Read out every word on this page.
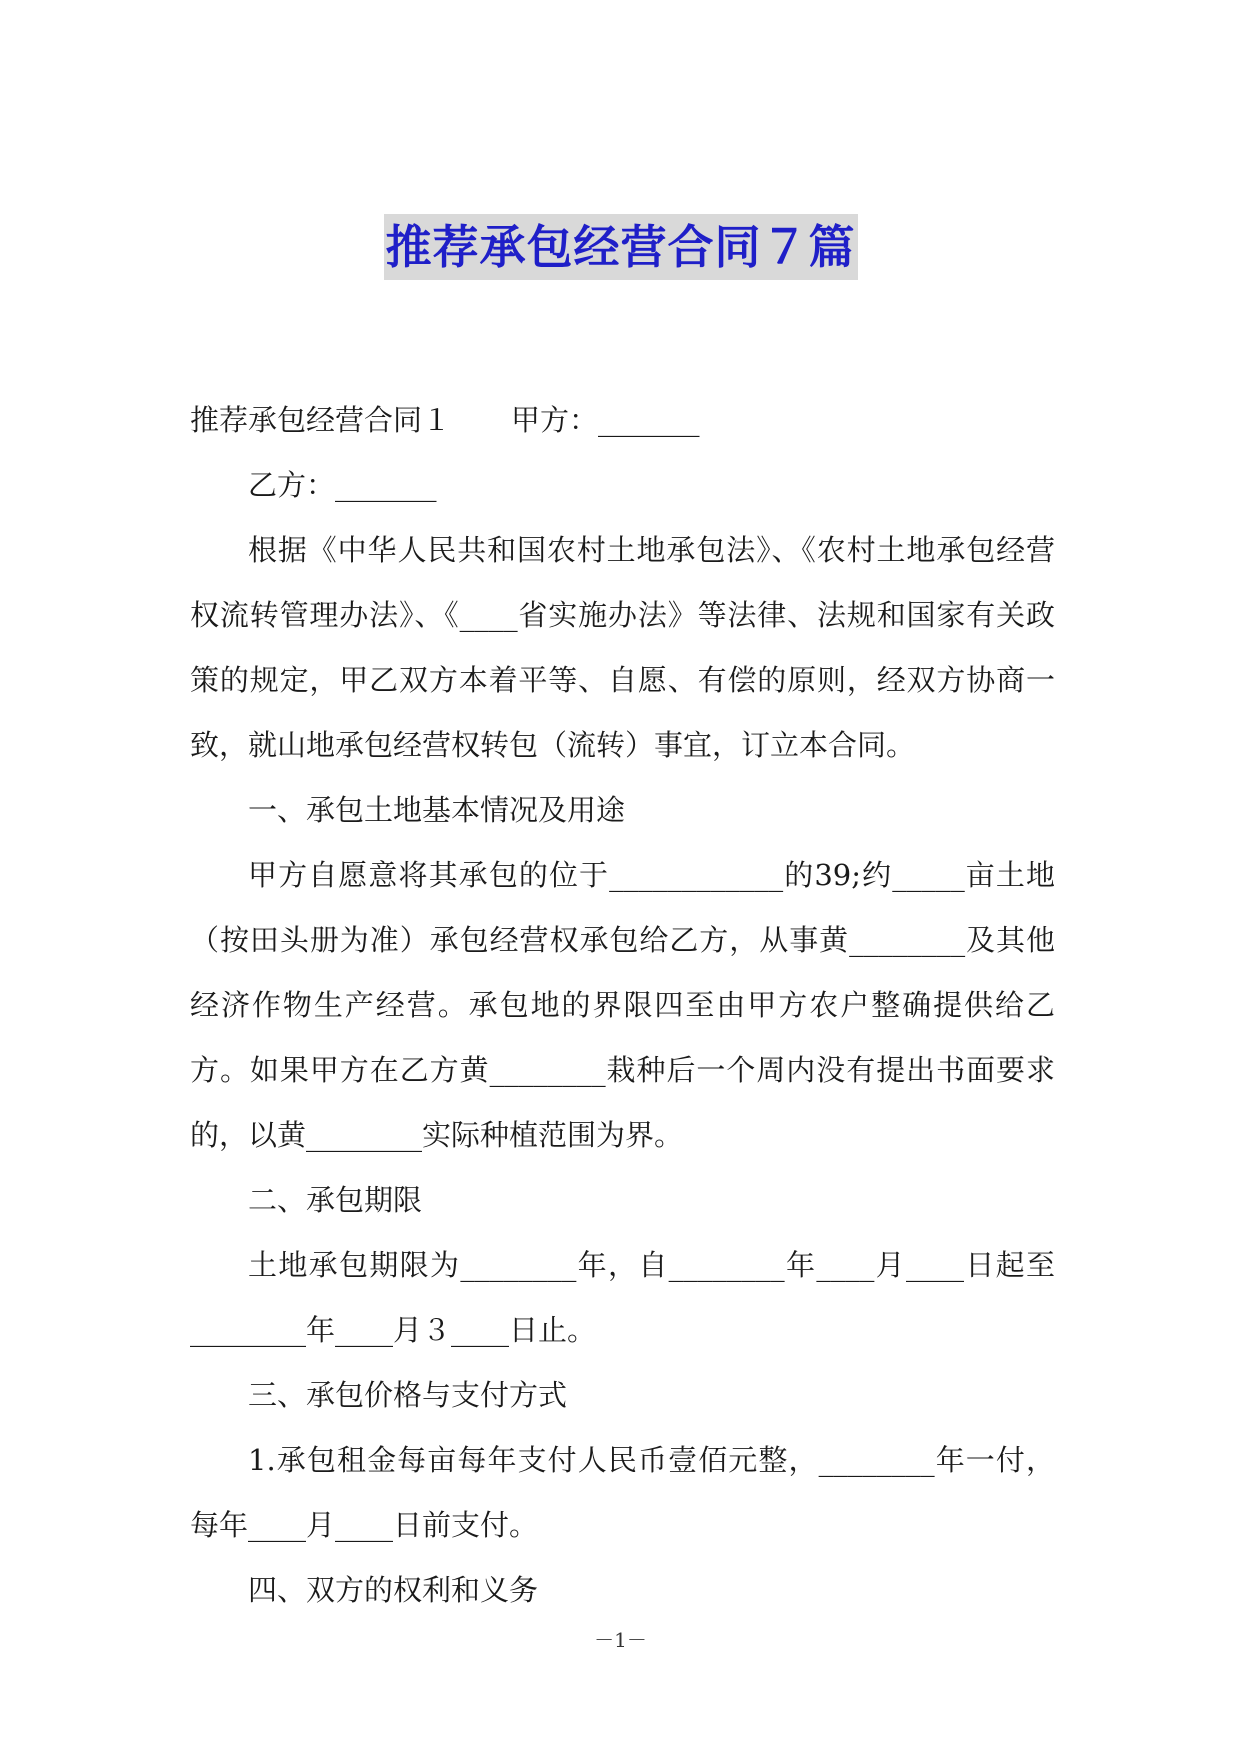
推荐承包经营合同７篇

推荐承包经营合同１ 甲方：_______

乙方：_______

根据《中华人民共和国农村土地承包法》、《农村土地承包经营权流转管理办法》、《____省实施办法》等法律、法规和国家有关政策的规定，甲乙双方本着平等、自愿、有偿的原则，经双方协商一致，就山地承包经营权转包（流转）事宜，订立本合同。

一、承包土地基本情况及用途

甲方自愿意将其承包的位于____________的39;约_____亩土地（按田头册为准）承包经营权承包给乙方，从事黄________及其他经济作物生产经营。承包地的界限四至由甲方农户整确提供给乙方。如果甲方在乙方黄________栽种后一个周内没有提出书面要求的，以黄________实际种植范围为界。

二、承包期限

土地承包期限为________年，自________年____月____日起至________年____月３____日止。

三、承包价格与支付方式

1.承包租金每亩每年支付人民币壹佰元整，________年一付，每年____月____日前支付。

四、双方的权利和义务

－1－
